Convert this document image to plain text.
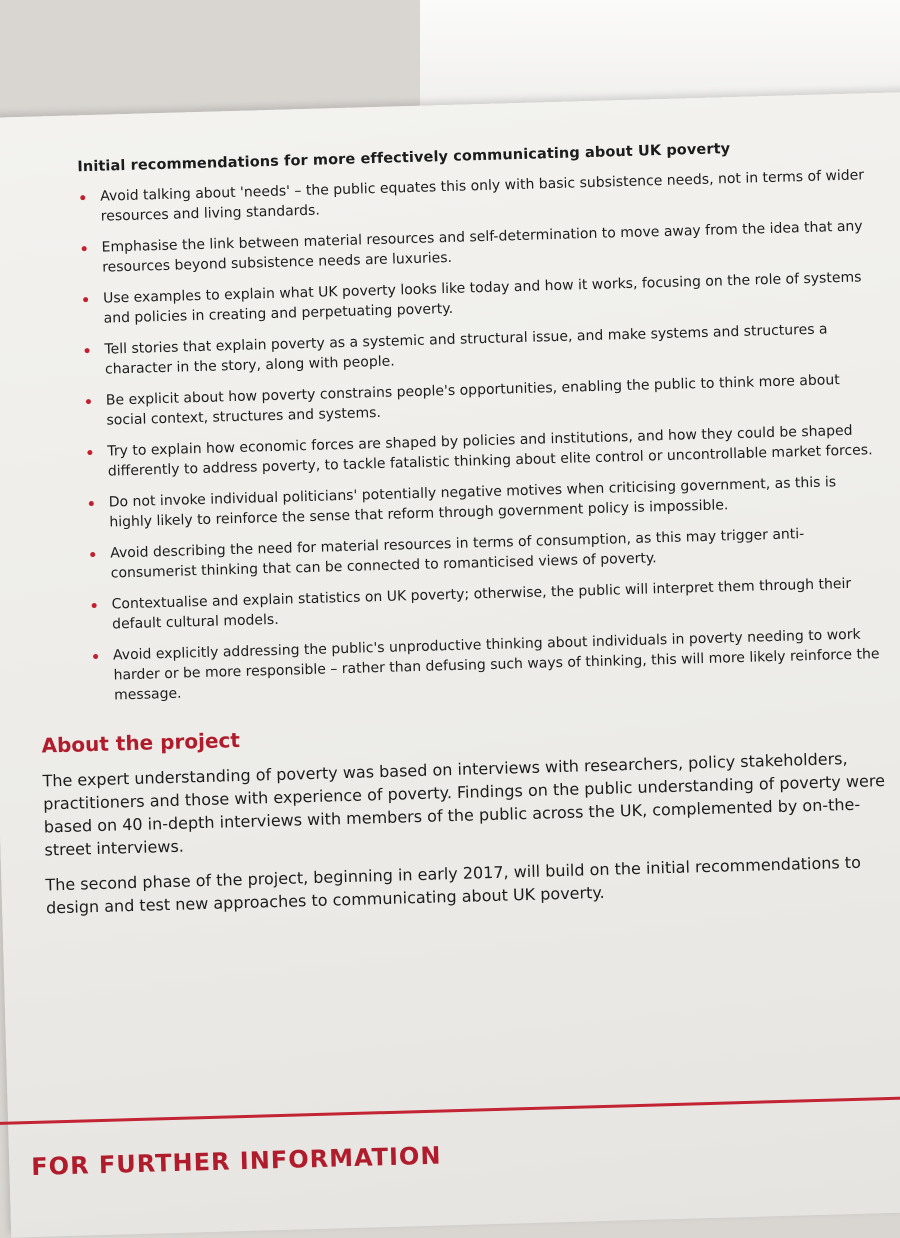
Initial recommendations for more effectively communicating about UK poverty
Avoid talking about 'needs' – the public equates this only with basic subsistence needs, not in terms of wider resources and living standards.
Emphasise the link between material resources and self-determination to move away from the idea that any resources beyond subsistence needs are luxuries.
Use examples to explain what UK poverty looks like today and how it works, focusing on the role of systems and policies in creating and perpetuating poverty.
Tell stories that explain poverty as a systemic and structural issue, and make systems and structures a character in the story, along with people.
Be explicit about how poverty constrains people's opportunities, enabling the public to think more about social context, structures and systems.
Try to explain how economic forces are shaped by policies and institutions, and how they could be shaped differently to address poverty, to tackle fatalistic thinking about elite control or uncontrollable market forces.
Do not invoke individual politicians' potentially negative motives when criticising government, as this is highly likely to reinforce the sense that reform through government policy is impossible.
Avoid describing the need for material resources in terms of consumption, as this may trigger anti-consumerist thinking that can be connected to romanticised views of poverty.
Contextualise and explain statistics on UK poverty; otherwise, the public will interpret them through their default cultural models.
Avoid explicitly addressing the public's unproductive thinking about individuals in poverty needing to work harder or be more responsible – rather than defusing such ways of thinking, this will more likely reinforce the message.
About the project

The expert understanding of poverty was based on interviews with researchers, policy stakeholders, practitioners and those with experience of poverty. Findings on the public understanding of poverty were based on 40 in-depth interviews with members of the public across the UK, complemented by on-the-street interviews.

The second phase of the project, beginning in early 2017, will build on the initial recommendations to design and test new approaches to communicating about UK poverty.

FOR FURTHER INFORMATION
